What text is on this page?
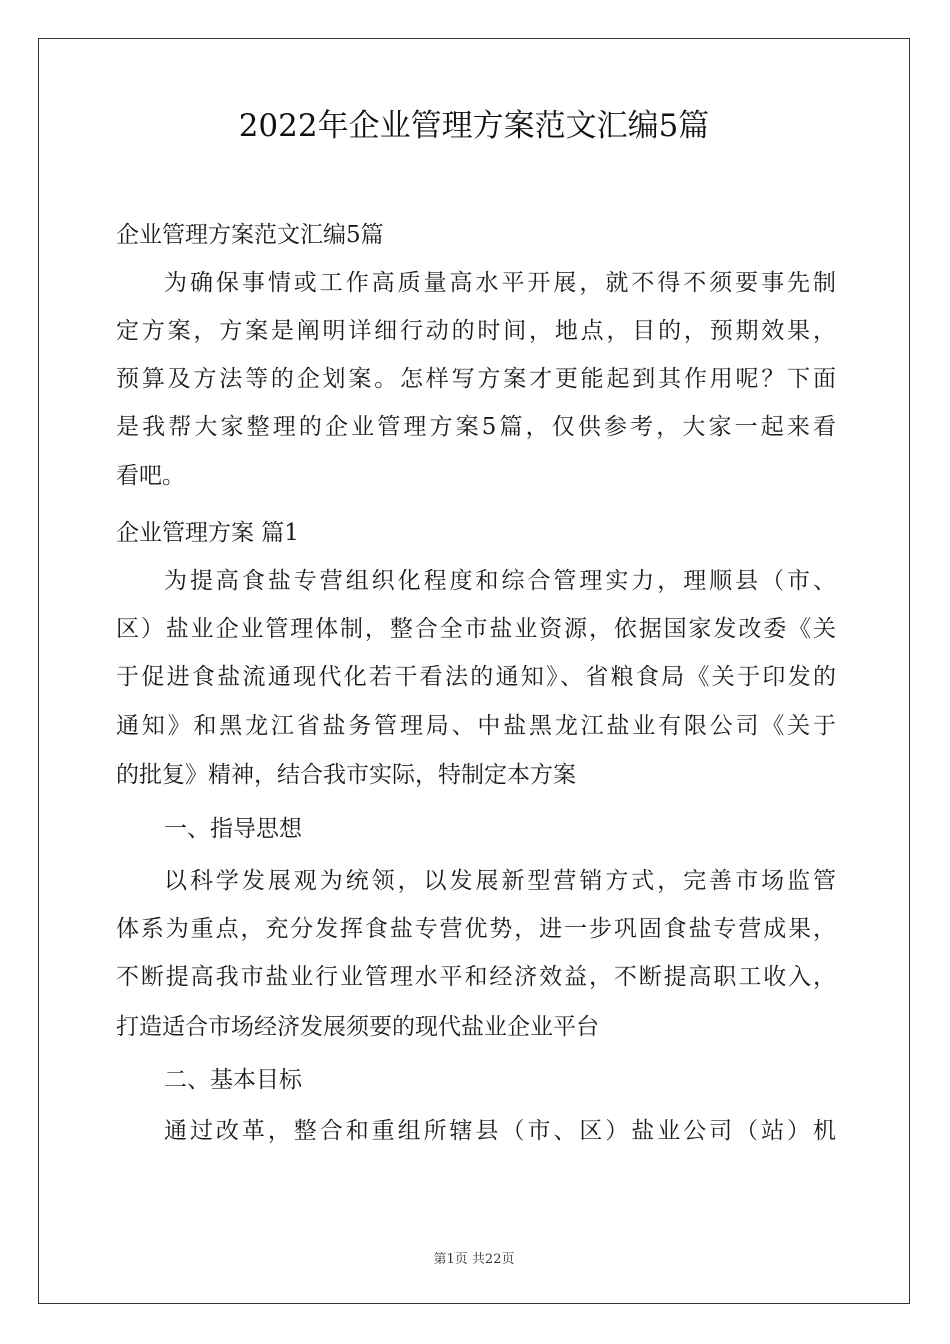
2022年企业管理方案范文汇编5篇

企业管理方案范文汇编5篇

为确保事情或工作高质量高水平开展，就不得不须要事先制

定方案，方案是阐明详细行动的时间，地点，目的，预期效果，

预算及方法等的企划案。怎样写方案才更能起到其作用呢？下面

是我帮大家整理的企业管理方案5篇，仅供参考，大家一起来看

看吧。

企业管理方案 篇1

为提高食盐专营组织化程度和综合管理实力，理顺县（市、

区）盐业企业管理体制，整合全市盐业资源，依据国家发改委《关

于促进食盐流通现代化若干看法的通知》、省粮食局《关于印发的

通知》和黑龙江省盐务管理局、中盐黑龙江盐业有限公司《关于

的批复》精神，结合我市实际，特制定本方案

一、指导思想

以科学发展观为统领，以发展新型营销方式，完善市场监管

体系为重点，充分发挥食盐专营优势，进一步巩固食盐专营成果，

不断提高我市盐业行业管理水平和经济效益，不断提高职工收入，

打造适合市场经济发展须要的现代盐业企业平台

二、基本目标

通过改革，整合和重组所辖县（市、区）盐业公司（站）机

第1页 共22页
